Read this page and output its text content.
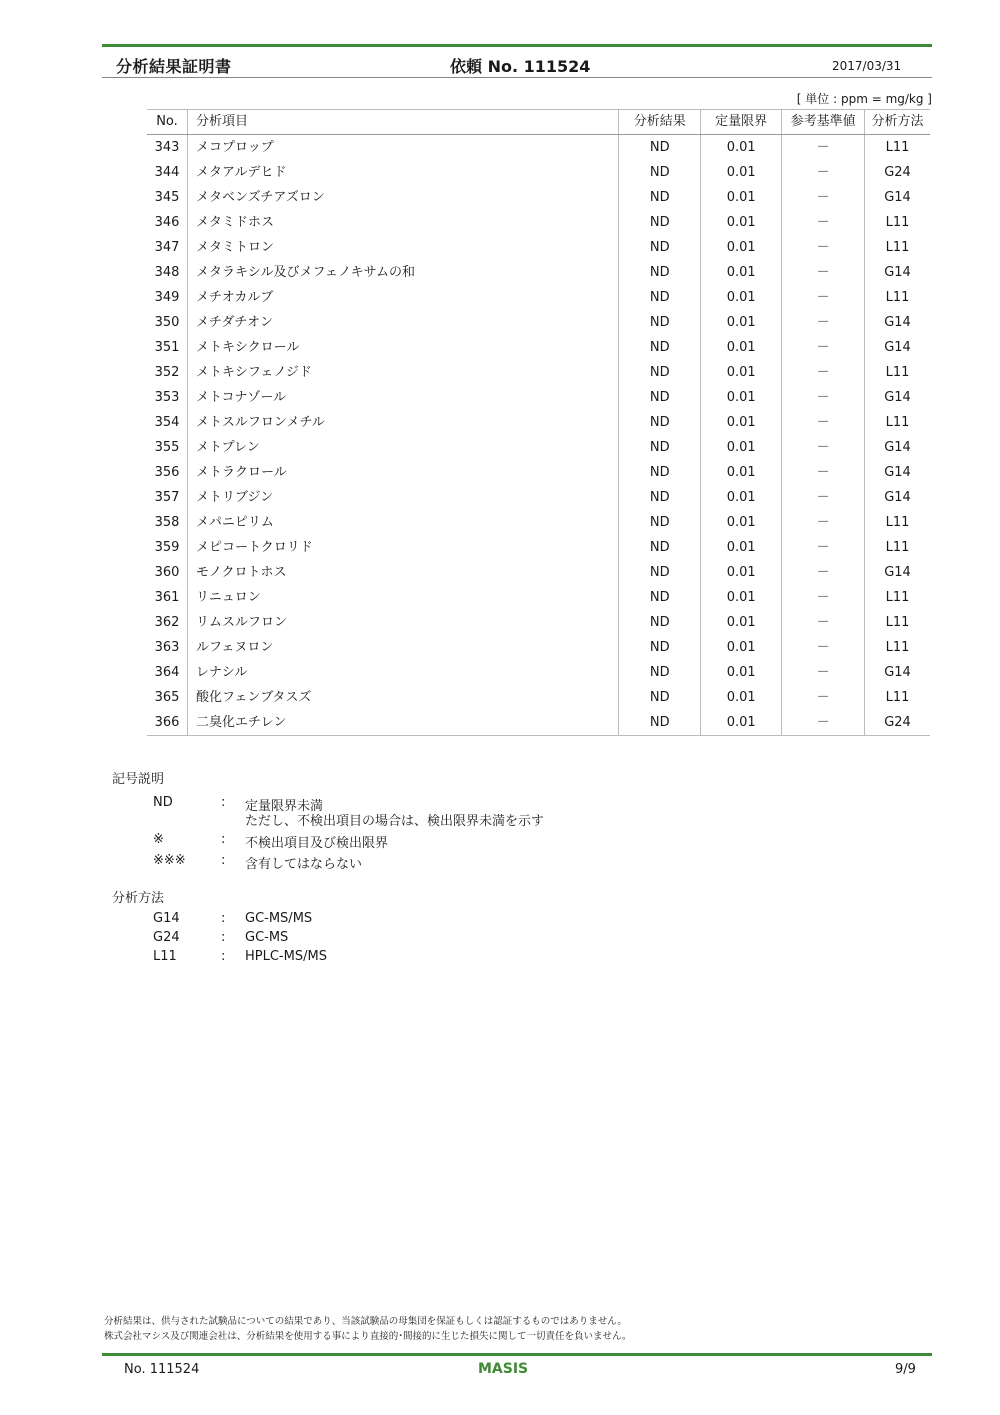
分析結果証明書	依頼 No. 111524	2017/03/31
[ 単位 : ppm = mg/kg ]
No.	分析項目	分析結果	定量限界	参考基準値	分析方法
343	メコプロップ	ND	0.01	－	L11
344	メタアルデヒド	ND	0.01	－	G24
345	メタベンズチアズロン	ND	0.01	－	G14
346	メタミドホス	ND	0.01	－	L11
347	メタミトロン	ND	0.01	－	L11
348	メタラキシル及びメフェノキサムの和	ND	0.01	－	G14
349	メチオカルブ	ND	0.01	－	L11
350	メチダチオン	ND	0.01	－	G14
351	メトキシクロール	ND	0.01	－	G14
352	メトキシフェノジド	ND	0.01	－	L11
353	メトコナゾール	ND	0.01	－	G14
354	メトスルフロンメチル	ND	0.01	－	L11
355	メトプレン	ND	0.01	－	G14
356	メトラクロール	ND	0.01	－	G14
357	メトリブジン	ND	0.01	－	G14
358	メパニピリム	ND	0.01	－	L11
359	メピコートクロリド	ND	0.01	－	L11
360	モノクロトホス	ND	0.01	－	G14
361	リニュロン	ND	0.01	－	L11
362	リムスルフロン	ND	0.01	－	L11
363	ルフェヌロン	ND	0.01	－	L11
364	レナシル	ND	0.01	－	G14
365	酸化フェンブタスズ	ND	0.01	－	L11
366	二臭化エチレン	ND	0.01	－	G24
記号説明
ND	: 定量限界未満
ただし、不検出項目の場合は、検出限界未満を示す
※	: 不検出項目及び検出限界
※※※	: 含有してはならない
分析方法
G14	: GC-MS/MS
G24	: GC-MS
L11	: HPLC-MS/MS
分析結果は、供与された試験品についての結果であり、当該試験品の母集団を保証もしくは認証するものではありません。
株式会社マシス及び関連会社は、分析結果を使用する事により直接的･間接的に生じた損失に関して一切責任を負いません。
No. 111524	MASIS	9/9
